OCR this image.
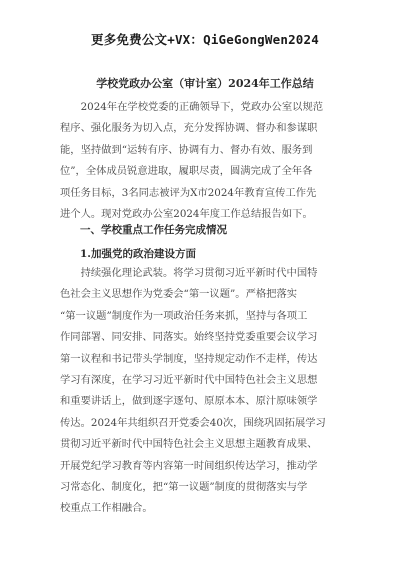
更多免费公文+VX：QiGeGongWen2024
学校党政办公室（审计室）2024年工作总结
　　2024年在学校党委的正确领导下，党政办公室以规范
程序、强化服务为切入点，充分发挥协调、督办和参谋职
能，坚持做到“运转有序、协调有力、督办有效、服务到
位”，全体成员锐意进取，履职尽责，圆满完成了全年各
项任务目标，3名同志被评为X市2024年教育宣传工作先
进个人。现对党政办公室2024年度工作总结报告如下。
一、学校重点工作任务完成情况
1.加强党的政治建设方面
　　持续强化理论武装。将学习贯彻习近平新时代中国特
色社会主义思想作为党委会“第一议题”。严格把落实
“第一议题”制度作为一项政治任务来抓，坚持与各项工
作同部署、同安排、同落实。始终坚持党委重要会议学习
第一议程和书记带头学制度，坚持规定动作不走样，传达
学习有深度，在学习习近平新时代中国特色社会主义思想
和重要讲话上，做到逐字逐句、原原本本、原汁原味领学
传达。2024年共组织召开党委会40次，围绕巩固拓展学习
贯彻习近平新时代中国特色社会主义思想主题教育成果、
开展党纪学习教育等内容第一时间组织传达学习，推动学
习常态化、制度化，把“第一议题”制度的贯彻落实与学
校重点工作相融合。
